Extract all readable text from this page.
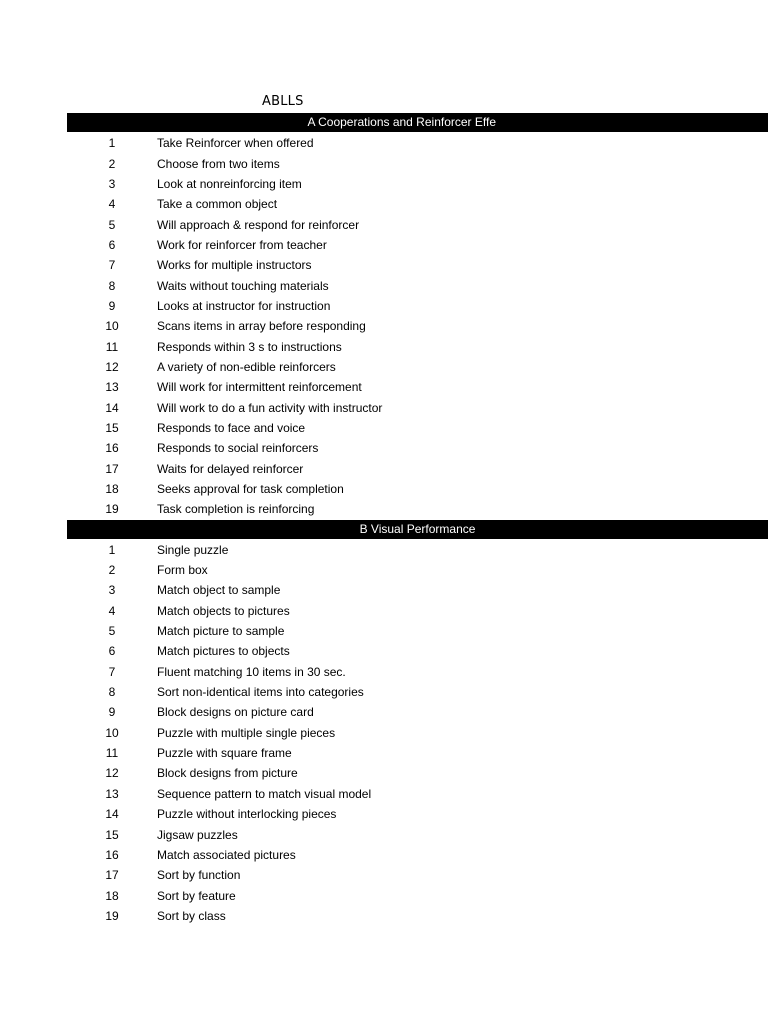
ABLLS
A Cooperations and Reinforcer Effe
1	Take Reinforcer when offered
2	Choose from two items
3	Look at nonreinforcing item
4	Take a common object
5	Will approach & respond for reinforcer
6	Work for reinforcer from teacher
7	Works for multiple instructors
8	Waits without touching materials
9	Looks at instructor for instruction
10	Scans items in array before responding
11	Responds within 3 s to instructions
12	A variety of non-edible reinforcers
13	Will work for intermittent reinforcement
14	Will work to do a fun activity with instructor
15	Responds to face and voice
16	Responds to social reinforcers
17	Waits for delayed reinforcer
18	Seeks approval for task completion
19	Task completion is reinforcing
B Visual Performance
1	Single puzzle
2	Form box
3	Match object to sample
4	Match objects to pictures
5	Match picture to sample
6	Match pictures to objects
7	Fluent matching 10 items in 30 sec.
8	Sort non-identical items into categories
9	Block designs on picture card
10	Puzzle with multiple single pieces
11	Puzzle with square frame
12	Block designs from picture
13	Sequence pattern to match visual model
14	Puzzle without interlocking pieces
15	Jigsaw puzzles
16	Match associated pictures
17	Sort by function
18	Sort by feature
19	Sort by class
